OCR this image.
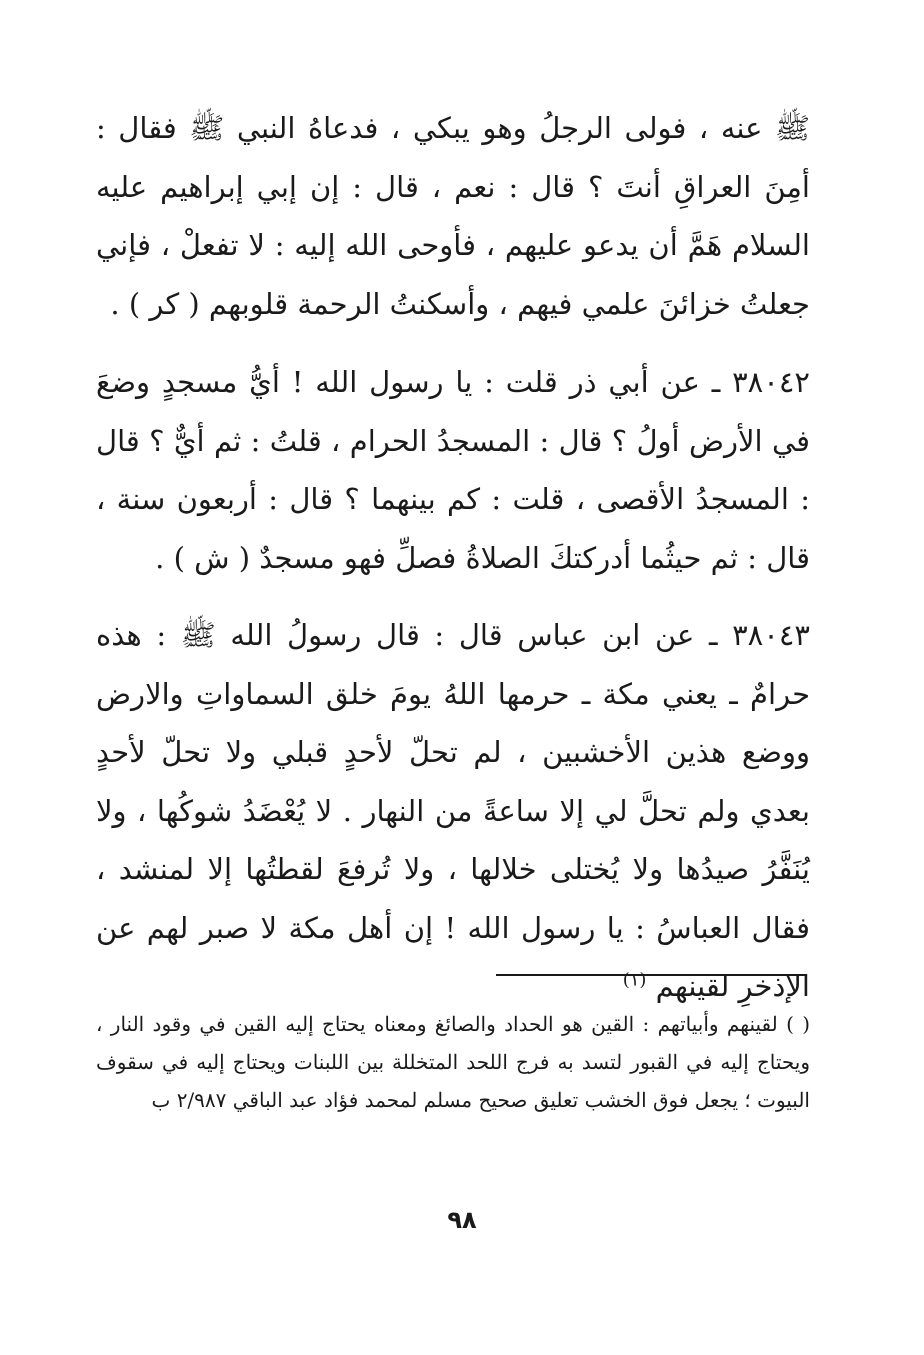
ﷺ عنه ، فولى الرجلُ وهو يبكي ، فدعاهُ النبي ﷺ فقال : أمِنَ العراقِ أنتَ ؟ قال : نعم ، قال : إن إبي إبراهيم عليه السلام هَمَّ أن يدعو عليهم ، فأوحى الله إليه : لا تفعلْ ، فإني جعلتُ خزائنَ علمي فيهم ، وأسكنتُ الرحمة قلوبهم ( كر ) .

٣٨٠٤٢ ـ عن أبي ذر قلت : يا رسول الله ! أيُّ مسجدٍ وضعَ في الأرض أولُ ؟ قال : المسجدُ الحرام ، قلتُ : ثم أيٌّ ؟ قال : المسجدُ الأقصى ، قلت : كم بينهما ؟ قال : أربعون سنة ، قال : ثم حيثُما أدركتكَ الصلاةُ فصلِّ فهو مسجدٌ ( ش ) .

٣٨٠٤٣ ـ عن ابن عباس قال : قال رسولُ الله ﷺ : هذه حرامٌ ـ يعني مكة ـ حرمها اللهُ يومَ خلق السماواتِ والارض ووضع هذين الأخشبين ، لم تحلّ لأحدٍ قبلي ولا تحلّ لأحدٍ بعدي ولم تحلَّ لي إلا ساعةً من النهار . لا يُعْضَدُ شوكُها ، ولا يُنَفَّرُ صيدُها ولا يُختلى خلالها ، ولا تُرفعَ لقطتُها إلا لمنشد ، فقال العباسُ : يا رسول الله ! إن أهل مكة لا صبر لهم عن الإذخرِ لقينهم $^{(١)}$

( ) لقينهم وأبياتهم : القين هو الحداد والصائغ ومعناه يحتاج إليه القين في وقود النار ، ويحتاج إليه في القبور لتسد به فرج اللحد المتخللة بين اللبنات ويحتاج إليه في سقوف البيوت ؛ يجعل فوق الخشب تعليق صحيح مسلم لمحمد فؤاد عبد الباقي ٢/٩٨٧ ب

٩٨
